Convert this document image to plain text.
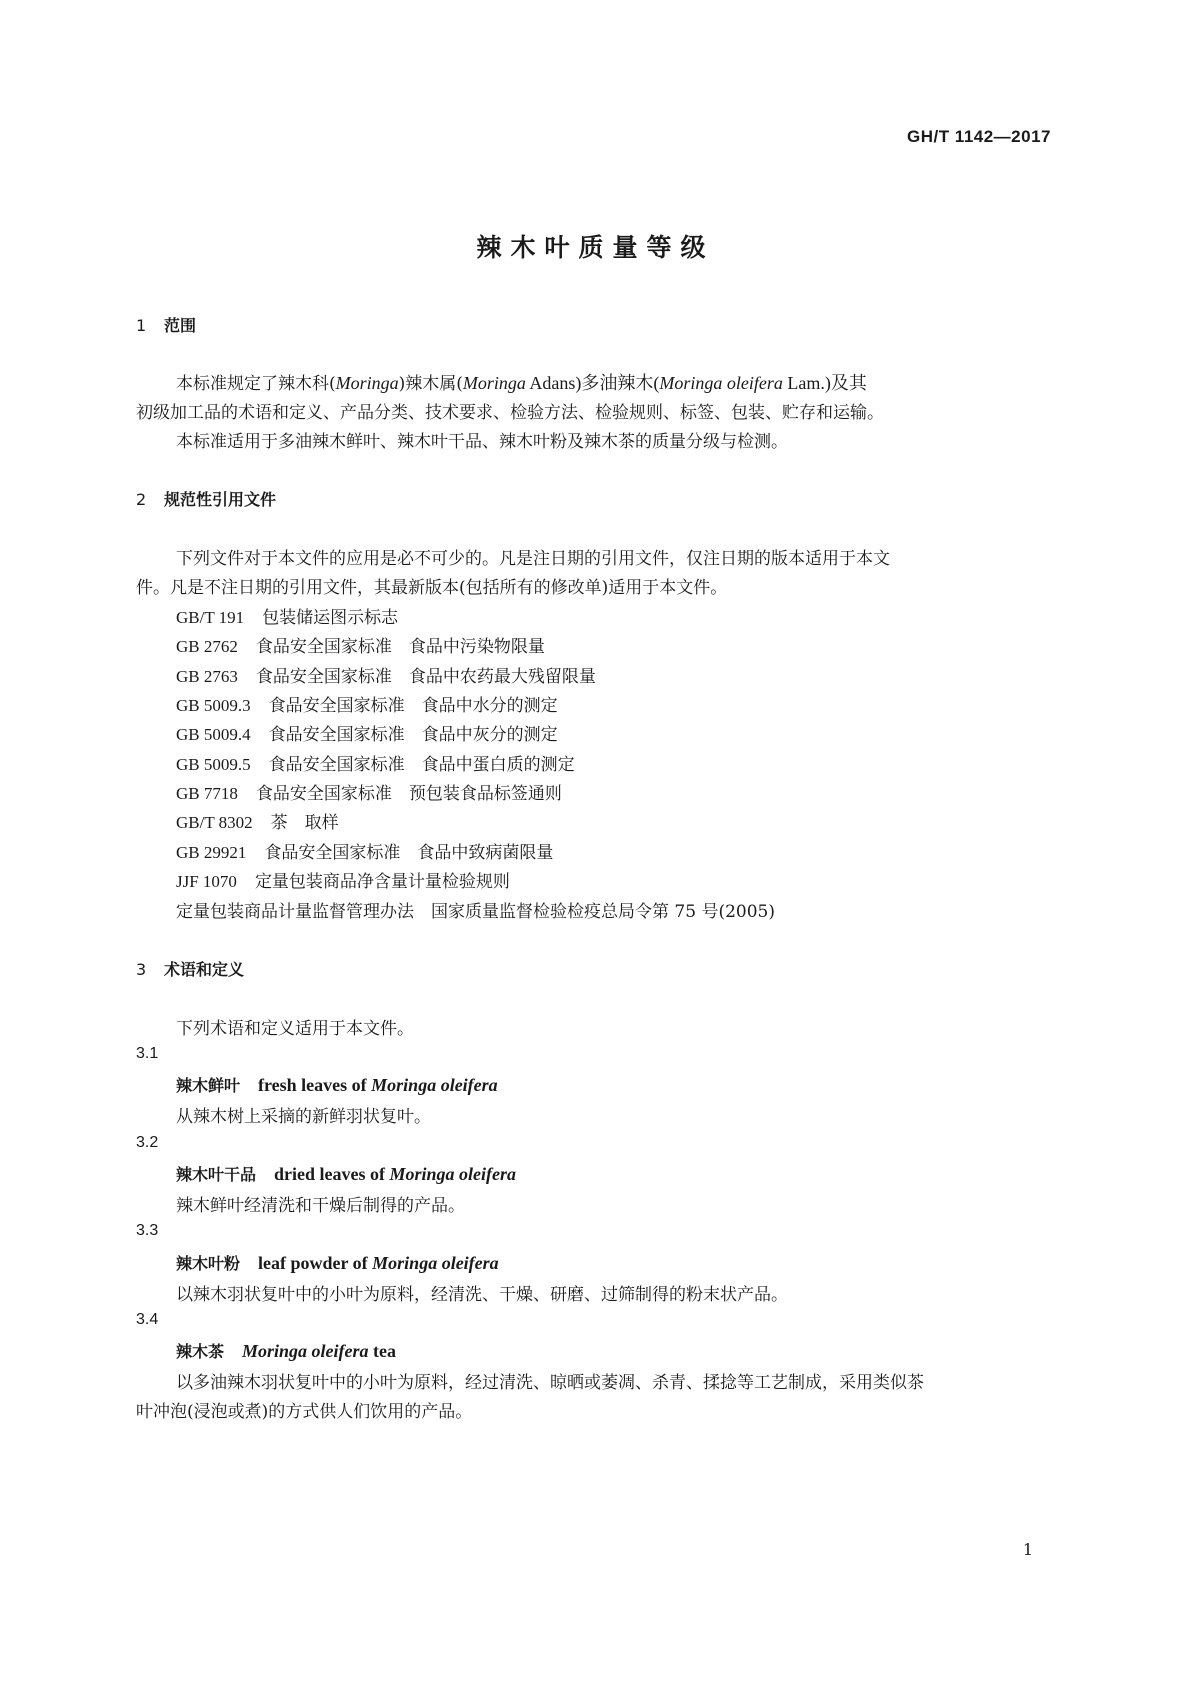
GH/T 1142—2017
辣木叶质量等级
1 范围
本标准规定了辣木科(Moringa)辣木属(Moringa Adans)多油辣木(Moringa oleifera Lam.)及其
初级加工品的术语和定义、产品分类、技术要求、检验方法、检验规则、标签、包装、贮存和运输。
本标准适用于多油辣木鲜叶、辣木叶干品、辣木叶粉及辣木茶的质量分级与检测。
2 规范性引用文件
下列文件对于本文件的应用是必不可少的。凡是注日期的引用文件，仅注日期的版本适用于本文
件。凡是不注日期的引用文件，其最新版本(包括所有的修改单)适用于本文件。
GB/T 191 包装储运图示标志
GB 2762 食品安全国家标准　食品中污染物限量
GB 2763 食品安全国家标准　食品中农药最大残留限量
GB 5009.3 食品安全国家标准　食品中水分的测定
GB 5009.4 食品安全国家标准　食品中灰分的测定
GB 5009.5 食品安全国家标准　食品中蛋白质的测定
GB 7718 食品安全国家标准　预包装食品标签通则
GB/T 8302 茶　取样
GB 29921 食品安全国家标准　食品中致病菌限量
JJF 1070 定量包装商品净含量计量检验规则
定量包装商品计量监督管理办法　国家质量监督检验检疫总局令第 75 号(2005)
3 术语和定义
下列术语和定义适用于本文件。
3.1
辣木鲜叶 fresh leaves of Moringa oleifera
从辣木树上采摘的新鲜羽状复叶。
3.2
辣木叶干品 dried leaves of Moringa oleifera
辣木鲜叶经清洗和干燥后制得的产品。
3.3
辣木叶粉 leaf powder of Moringa oleifera
以辣木羽状复叶中的小叶为原料，经清洗、干燥、研磨、过筛制得的粉末状产品。
3.4
辣木茶 Moringa oleifera tea
以多油辣木羽状复叶中的小叶为原料，经过清洗、晾晒或萎凋、杀青、揉捻等工艺制成，采用类似茶
叶冲泡(浸泡或煮)的方式供人们饮用的产品。
1
